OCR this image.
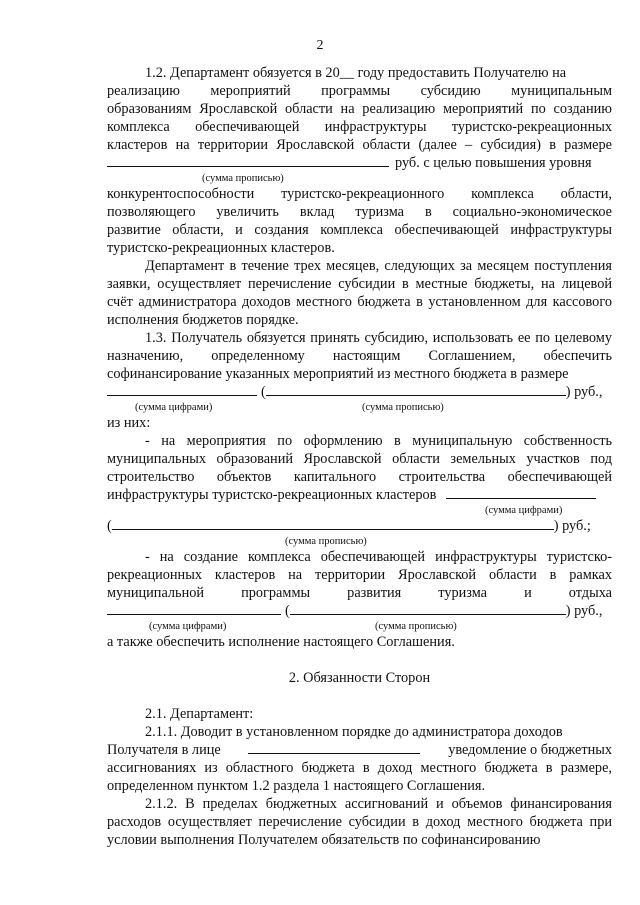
2

1.2. Департамент обязуется в 20__ году предоставить Получателю на

реализацию мероприятий программы субсидию муниципальным

образованиям Ярославской области на реализацию мероприятий по созданию

комплекса обеспечивающей инфраструктуры туристско-рекреационных

кластеров на территории Ярославской области (далее – субсидия) в размере

руб. с целью повышения уровня
(сумма прописью)

конкурентоспособности туристско-рекреационного комплекса области,

позволяющего увеличить вклад туризма в социально-экономическое

развитие области, и создания комплекса обеспечивающей инфраструктуры

туристско-рекреационных кластеров.

Департамент в течение трех месяцев, следующих за месяцем поступления заявки, осуществляет перечисление субсидии в местные бюджеты, на лицевой счёт администратора доходов местного бюджета в установленном для кассового исполнения бюджетов порядке.

1.3. Получатель обязуется принять субсидию, использовать ее по целевому назначению, определенному настоящим Соглашением, обеспечить софинансирование указанных мероприятий из местного бюджета в размере

(	) руб.,
(сумма цифрами)	(сумма прописью)

из них:

- на мероприятия по оформлению в муниципальную собственность муниципальных образований Ярославской области земельных участков под строительство объектов капитального строительства обеспечивающей инфраструктуры туристско-рекреационных кластеров

(сумма цифрами)
(	) руб.;
(сумма прописью)

- на создание комплекса обеспечивающей инфраструктуры туристско-рекреационных кластеров на территории Ярославской области в рамках муниципальной программы развития туризма и отдыха

(	) руб.,
(сумма цифрами)	(сумма прописью)

а также обеспечить исполнение настоящего Соглашения.

2. Обязанности Сторон

2.1. Департамент:

2.1.1. Доводит в установленном порядке до администратора доходов

Получателя в лице	уведомление о бюджетных

ассигнованиях из областного бюджета в доход местного бюджета в размере, определенном пунктом 1.2 раздела 1 настоящего Соглашения.

2.1.2. В пределах бюджетных ассигнований и объемов финансирования расходов осуществляет перечисление субсидии в доход местного бюджета при условии выполнения Получателем обязательств по софинансированию
